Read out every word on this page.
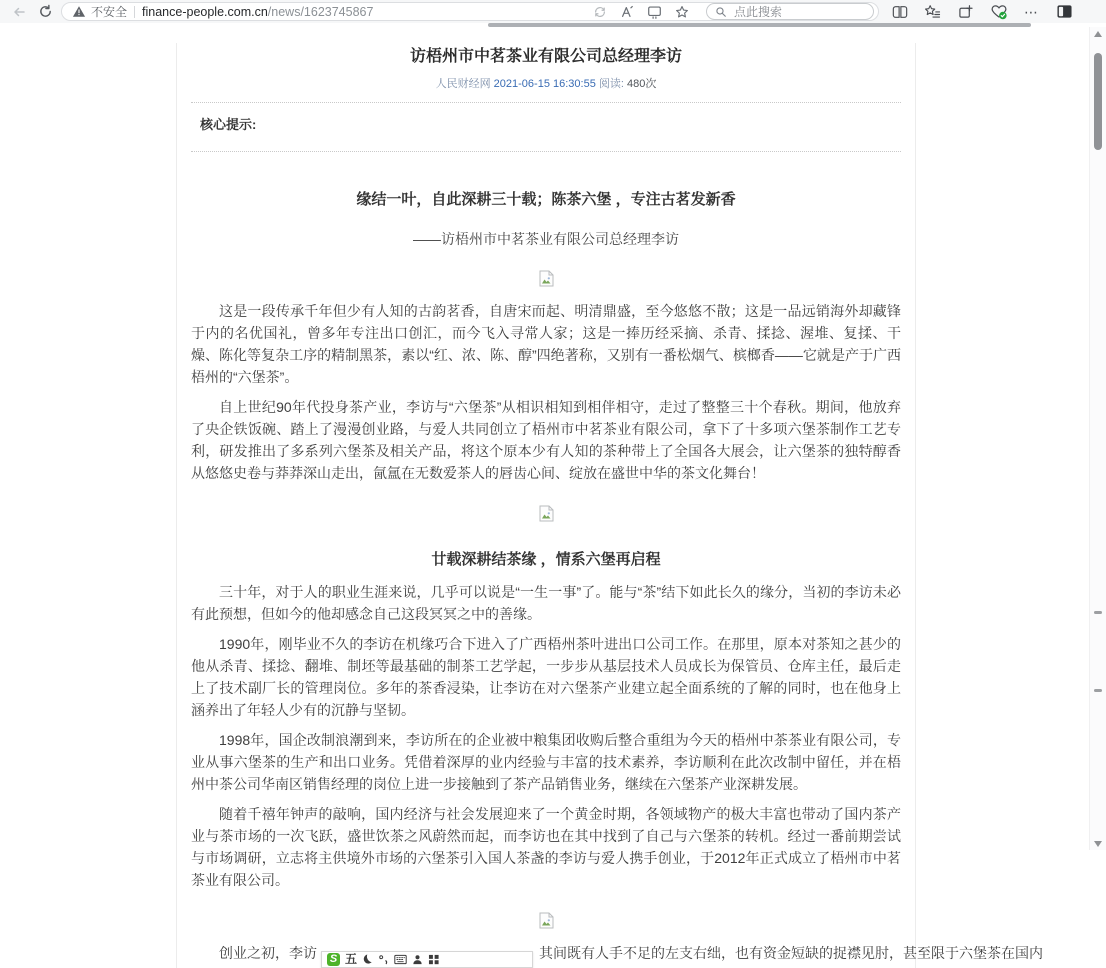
不安全 finance-people.com.cn/news/1623745867	点此搜索	⋯
访梧州市中茗茶业有限公司总经理李访
人民财经网 2021-06-15 16:30:55 阅读: 480次
核心提示:
缘结一叶，自此深耕三十载；陈茶六堡 ，专注古茗发新香
——访梧州市中茗茶业有限公司总经理李访

这是一段传承千年但少有人知的古韵茗香，自唐宋而起、明清鼎盛，至今悠悠不散；这是一品远销海外却藏锋于内的名优国礼，曾多年专注出口创汇，而今飞入寻常人家；这是一捧历经采摘、杀青、揉捻、渥堆、复揉、干燥、陈化等复杂工序的精制黑茶，素以“红、浓、陈、醇”四绝著称，又别有一番松烟气、槟榔香——它就是产于广西梧州的“六堡茶”。

自上世纪90年代投身茶产业，李访与“六堡茶”从相识相知到相伴相守，走过了整整三十个春秋。期间，他放弃了央企铁饭碗、踏上了漫漫创业路，与爱人共同创立了梧州市中茗茶业有限公司，拿下了十多项六堡茶制作工艺专利，研发推出了多系列六堡茶及相关产品，将这个原本少有人知的茶种带上了全国各大展会，让六堡茶的独特醇香从悠悠史卷与莽莽深山走出，氤氲在无数爱茶人的唇齿心间、绽放在盛世中华的茶文化舞台！

廿载深耕结茶缘 ，情系六堡再启程

三十年，对于人的职业生涯来说，几乎可以说是“一生一事”了。能与“茶”结下如此长久的缘分，当初的李访未必有此预想，但如今的他却感念自己这段冥冥之中的善缘。

1990年，刚毕业不久的李访在机缘巧合下进入了广西梧州茶叶进出口公司工作。在那里，原本对茶知之甚少的他从杀青、揉捻、翻堆、制坯等最基础的制茶工艺学起，一步步从基层技术人员成长为保管员、仓库主任，最后走上了技术副厂长的管理岗位。多年的茶香浸染，让李访在对六堡茶产业建立起全面系统的了解的同时，也在他身上涵养出了年轻人少有的沉静与坚韧。

1998年，国企改制浪潮到来，李访所在的企业被中粮集团收购后整合重组为今天的梧州中茶茶业有限公司，专业从事六堡茶的生产和出口业务。凭借着深厚的业内经验与丰富的技术素养，李访顺利在此次改制中留任，并在梧州中茶公司华南区销售经理的岗位上进一步接触到了茶产品销售业务，继续在六堡茶产业深耕发展。

随着千禧年钟声的敲响，国内经济与社会发展迎来了一个黄金时期，各领域物产的极大丰富也带动了国内茶产业与茶市场的一次飞跃，盛世饮茶之风蔚然而起，而李访也在其中找到了自己与六堡茶的转机。经过一番前期尝试与市场调研，立志将主供境外市场的六堡茶引入国人茶盏的李访与爱人携手创业，于2012年正式成立了梧州市中茗茶业有限公司。

创业之初，李访 S 五	其间既有人手不足的左支右绌，也有资金短缺的捉襟见肘，甚至限于六堡茶在国内
